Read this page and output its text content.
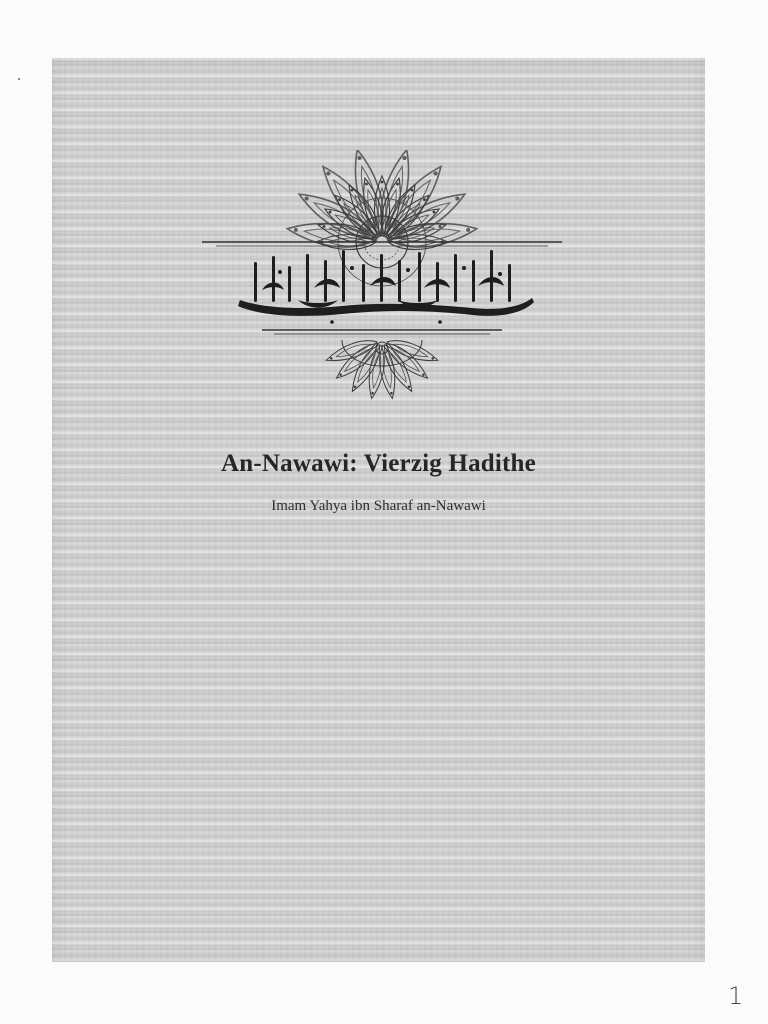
An-Nawawi: Vierzig Hadithe
Imam Yahya ibn Sharaf an-Nawawi
1
